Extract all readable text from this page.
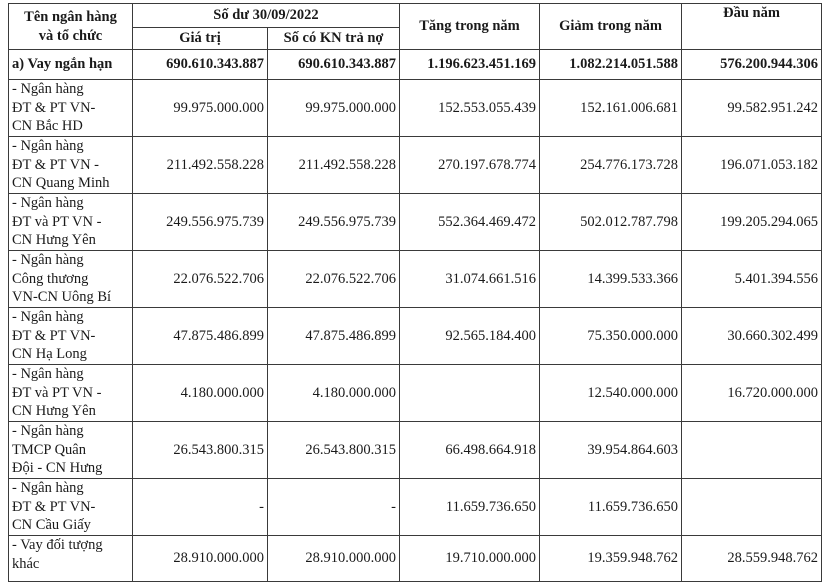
Tên ngân hàng
và tổ chức	Số dư 30/09/2022		Tăng trong năm	Giảm trong năm	Đầu năm
	Giá trị	Số có KN trả nợ			
a) Vay ngắn hạn	690.610.343.887	690.610.343.887	1.196.623.451.169	1.082.214.051.588	576.200.944.306

- Ngân hàng
ĐT & PT VN-
CN Bắc HD	99.975.000.000	99.975.000.000	152.553.055.439	152.161.006.681	99.582.951.242

- Ngân hàng
ĐT & PT VN -
CN Quang Minh	211.492.558.228	211.492.558.228	270.197.678.774	254.776.173.728	196.071.053.182

- Ngân hàng
ĐT và PT VN -
CN Hưng Yên	249.556.975.739	249.556.975.739	552.364.469.472	502.012.787.798	199.205.294.065

- Ngân hàng
Công thương
VN-CN Uông Bí	22.076.522.706	22.076.522.706	31.074.661.516	14.399.533.366	5.401.394.556

- Ngân hàng
ĐT & PT VN-
CN Hạ Long	47.875.486.899	47.875.486.899	92.565.184.400	75.350.000.000	30.660.302.499

- Ngân hàng
ĐT và PT VN -
CN Hưng Yên	4.180.000.000	4.180.000.000		12.540.000.000	16.720.000.000

- Ngân hàng
TMCP Quân
Đội - CN Hưng	26.543.800.315	26.543.800.315	66.498.664.918	39.954.864.603	

- Ngân hàng
ĐT & PT VN-
CN Cầu Giấy	-	-	11.659.736.650	11.659.736.650	

- Vay đối tượng
khác	28.910.000.000	28.910.000.000	19.710.000.000	19.359.948.762	28.559.948.762
